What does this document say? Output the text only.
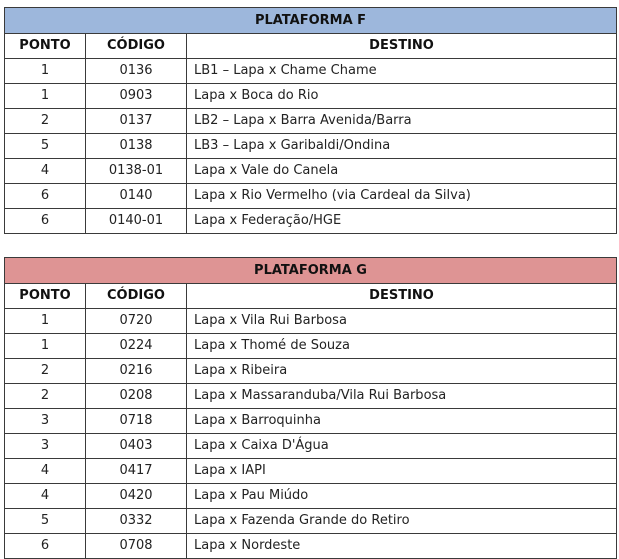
PLATAFORMA F		
PONTO	CÓDIGO	DESTINO
1	0136	LB1 – Lapa x Chame Chame
1	0903	Lapa x Boca do Rio
2	0137	LB2 – Lapa x Barra Avenida/Barra
5	0138	LB3 – Lapa x Garibaldi/Ondina
4	0138-01	Lapa x Vale do Canela
6	0140	Lapa x Rio Vermelho (via Cardeal da Silva)
6	0140-01	Lapa x Federação/HGE
PLATAFORMA G		
PONTO	CÓDIGO	DESTINO
1	0720	Lapa x Vila Rui Barbosa
1	0224	Lapa x Thomé de Souza
2	0216	Lapa x Ribeira
2	0208	Lapa x Massaranduba/Vila Rui Barbosa
3	0718	Lapa x Barroquinha
3	0403	Lapa x Caixa D'Água
4	0417	Lapa x IAPI
4	0420	Lapa x Pau Miúdo
5	0332	Lapa x Fazenda Grande do Retiro
6	0708	Lapa x Nordeste
